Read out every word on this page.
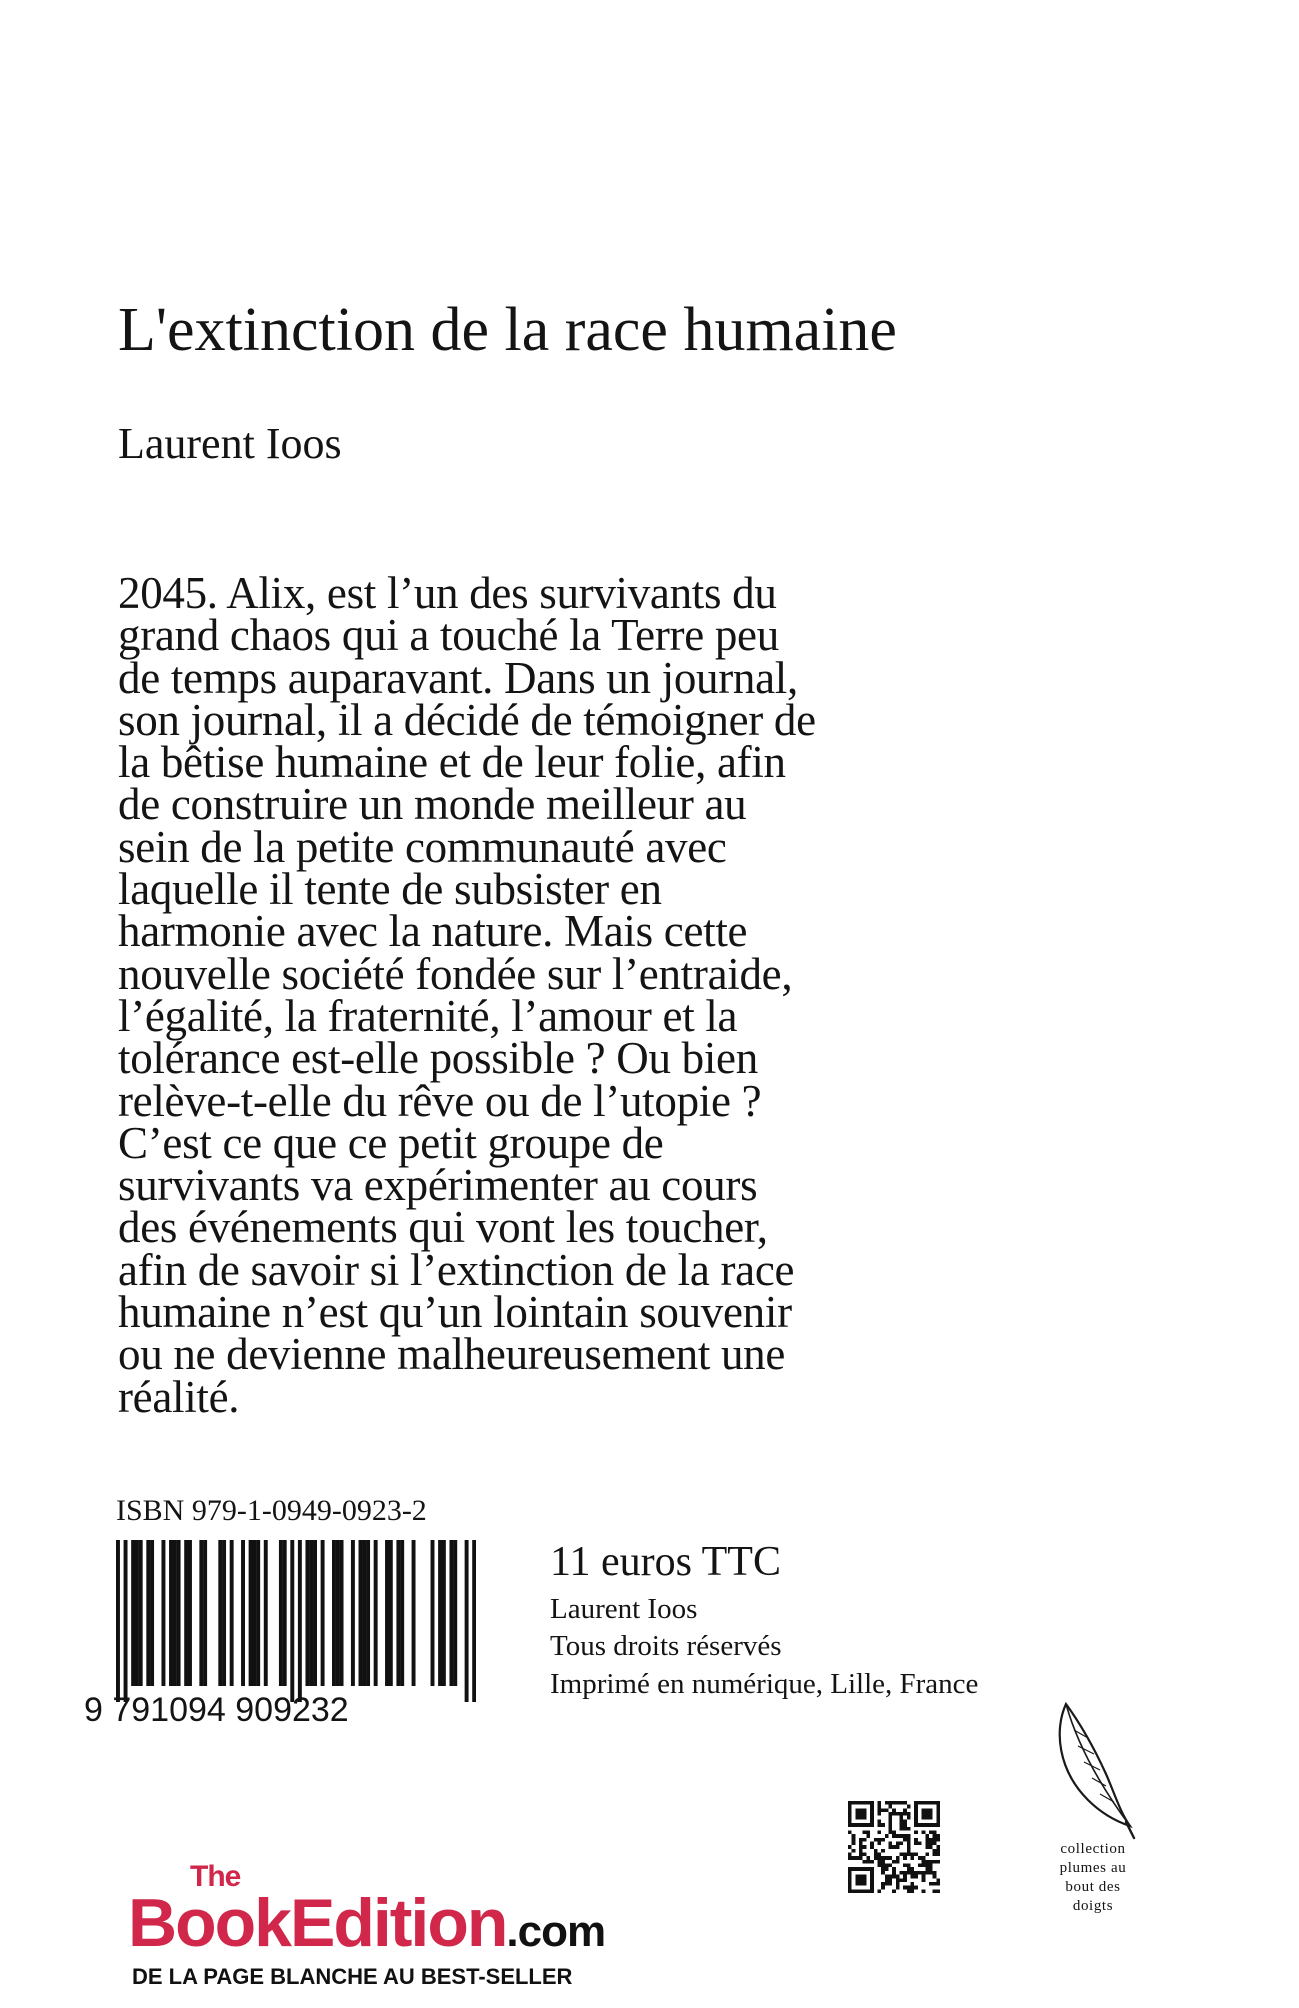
L'extinction de la race humaine
Laurent Ioos
2045. Alix, est l’un des survivants du
grand chaos qui a touché la Terre peu
de temps auparavant. Dans un journal,
son journal, il a décidé de témoigner de
la bêtise humaine et de leur folie, afin
de construire un monde meilleur au
sein de la petite communauté avec
laquelle il tente de subsister en
harmonie avec la nature. Mais cette
nouvelle société fondée sur l’entraide,
l’égalité, la fraternité, l’amour et la
tolérance est-elle possible ? Ou bien
relève-t-elle du rêve ou de l’utopie ?
C’est ce que ce petit groupe de
survivants va expérimenter au cours
des événements qui vont les toucher,
afin de savoir si l’extinction de la race
humaine n’est qu’un lointain souvenir
ou ne devienne malheureusement une
réalité.
ISBN 979-1-0949-0923-2
9 791094 909232
11 euros TTC
Laurent Ioos
Tous droits réservés
Imprimé en numérique, Lille, France
The
BookEdition.com
DE LA PAGE BLANCHE AU BEST-SELLER
collection
plumes au
bout des
doigts
